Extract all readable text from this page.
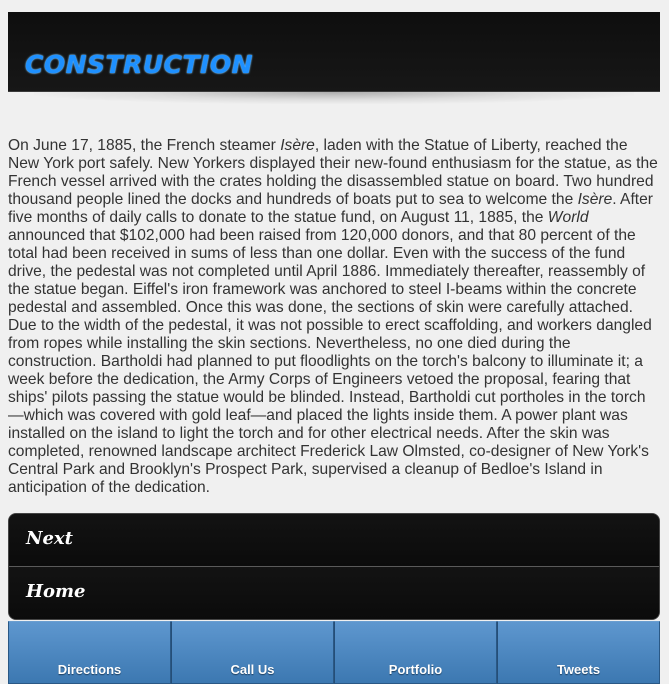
CONSTRUCTION

On June 17, 1885, the French steamer Isère, laden with the Statue of Liberty, reached the New York port safely. New Yorkers displayed their new-found enthusiasm for the statue, as the French vessel arrived with the crates holding the disassembled statue on board. Two hundred thousand people lined the docks and hundreds of boats put to sea to welcome the Isère. After five months of daily calls to donate to the statue fund, on August 11, 1885, the World announced that $102,000 had been raised from 120,000 donors, and that 80 percent of the total had been received in sums of less than one dollar. Even with the success of the fund drive, the pedestal was not completed until April 1886. Immediately thereafter, reassembly of the statue began. Eiffel's iron framework was anchored to steel I-beams within the concrete pedestal and assembled. Once this was done, the sections of skin were carefully attached. Due to the width of the pedestal, it was not possible to erect scaffolding, and workers dangled from ropes while installing the skin sections. Nevertheless, no one died during the construction. Bartholdi had planned to put floodlights on the torch's balcony to illuminate it; a week before the dedication, the Army Corps of Engineers vetoed the proposal, fearing that ships' pilots passing the statue would be blinded. Instead, Bartholdi cut portholes in the torch—which was covered with gold leaf—and placed the lights inside them. A power plant was installed on the island to light the torch and for other electrical needs. After the skin was completed, renowned landscape architect Frederick Law Olmsted, co-designer of New York's Central Park and Brooklyn's Prospect Park, supervised a cleanup of Bedloe's Island in anticipation of the dedication.

Next
Home
Directions	Call Us	Portfolio	Tweets
